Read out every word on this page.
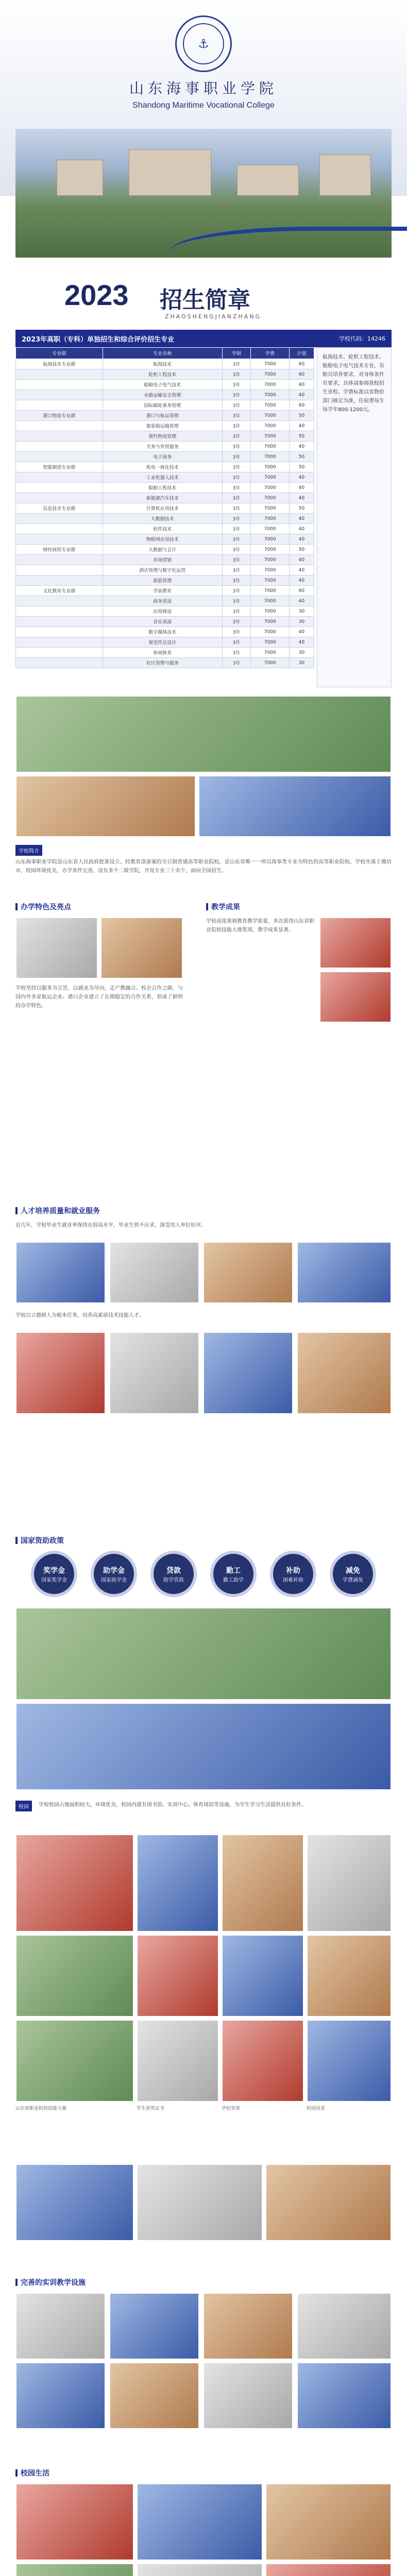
⚓
山东海事职业学院
Shandong Maritime Vocational College
2023 招生简章
ZHAOSHENGJIANZHANG
2023年高职（专科）单独招生和综合评价招生专业	学校代码：14246
专业群	专业名称	学制	学费	计划
航海技术专业群	航海技术	3年	7000	60
	轮机工程技术	3年	7000	60
	船舶电子电气技术	3年	7000	40
	水路运输安全管理	3年	7000	40
	国际邮轮乘务管理	3年	7000	60
港口物流专业群	港口与航运管理	3年	7000	50
	集装箱运输管理	3年	7000	40
	现代物流管理	3年	7000	50
	关务与外贸服务	3年	7000	40
	电子商务	3年	7000	50
智能制造专业群	机电一体化技术	3年	7000	50
	工业机器人技术	3年	7000	40
	船舶工程技术	3年	7000	40
	新能源汽车技术	3年	7000	40
信息技术专业群	计算机应用技术	3年	7000	50
	大数据技术	3年	7000	40
	软件技术	3年	7000	40
	物联网应用技术	3年	7000	40
财经商贸专业群	大数据与会计	3年	7000	50
	市场营销	3年	7000	40
	酒店管理与数字化运营	3年	7000	40
	旅游管理	3年	7000	40
文化教育专业群	学前教育	3年	7000	60
	商务英语	3年	7000	40
	应用韩语	3年	7000	30
	音乐表演	3年	7000	30
	数字媒体技术	3年	7000	40
	视觉传达设计	3年	7000	40
	休闲体育	3年	7000	30
	社区管理与服务	3年	7000	30
航海技术、轮机工程技术、船舶电子电气技术专业，有船员培养要求，对身体条件有要求，具体请参阅我校招生章程。学费标准以省物价部门核定为准，住宿费每生每学年800-1200元。
学校简介
山东海事职业学院是山东省人民政府批准设立、经教育部备案的全日制普通高等职业院校，是山东省唯一一所以海事类专业为特色的高等职业院校。学校坐落于潍坊市，校园环境优美，办学条件完善，设有多个二级学院，开设专业三十余个，面向全国招生。
办学特色及亮点
学校坚持以服务为宗旨，以就业为导向，走产教融合、校企合作之路，与国内外多家航运企业、港口企业建立了长期稳定的合作关系，形成了鲜明的办学特色。
教学成果
学校高度重视教育教学质量，多次获得山东省职业院校技能大赛奖项，教学成果显著。
人才培养质量和就业服务
近几年，学校毕业生就业率保持在较高水平，毕业生供不应求，深受用人单位好评。
学校以立德树人为根本任务，培养高素质技术技能人才。
国家资助政策
奖学金
国家奖学金
助学金
国家助学金
贷款
助学贷款
勤工
勤工助学
补助
困难补助
减免
学费减免
校园	学校校园占地面积较大，环境优美，校园内建有图书馆、实训中心、体育场馆等设施，为学生学习生活提供良好条件。
山东省职业院校技能大赛	学生获奖证书	学校荣誉	校园风采
完善的实训教学设施
校园生活
